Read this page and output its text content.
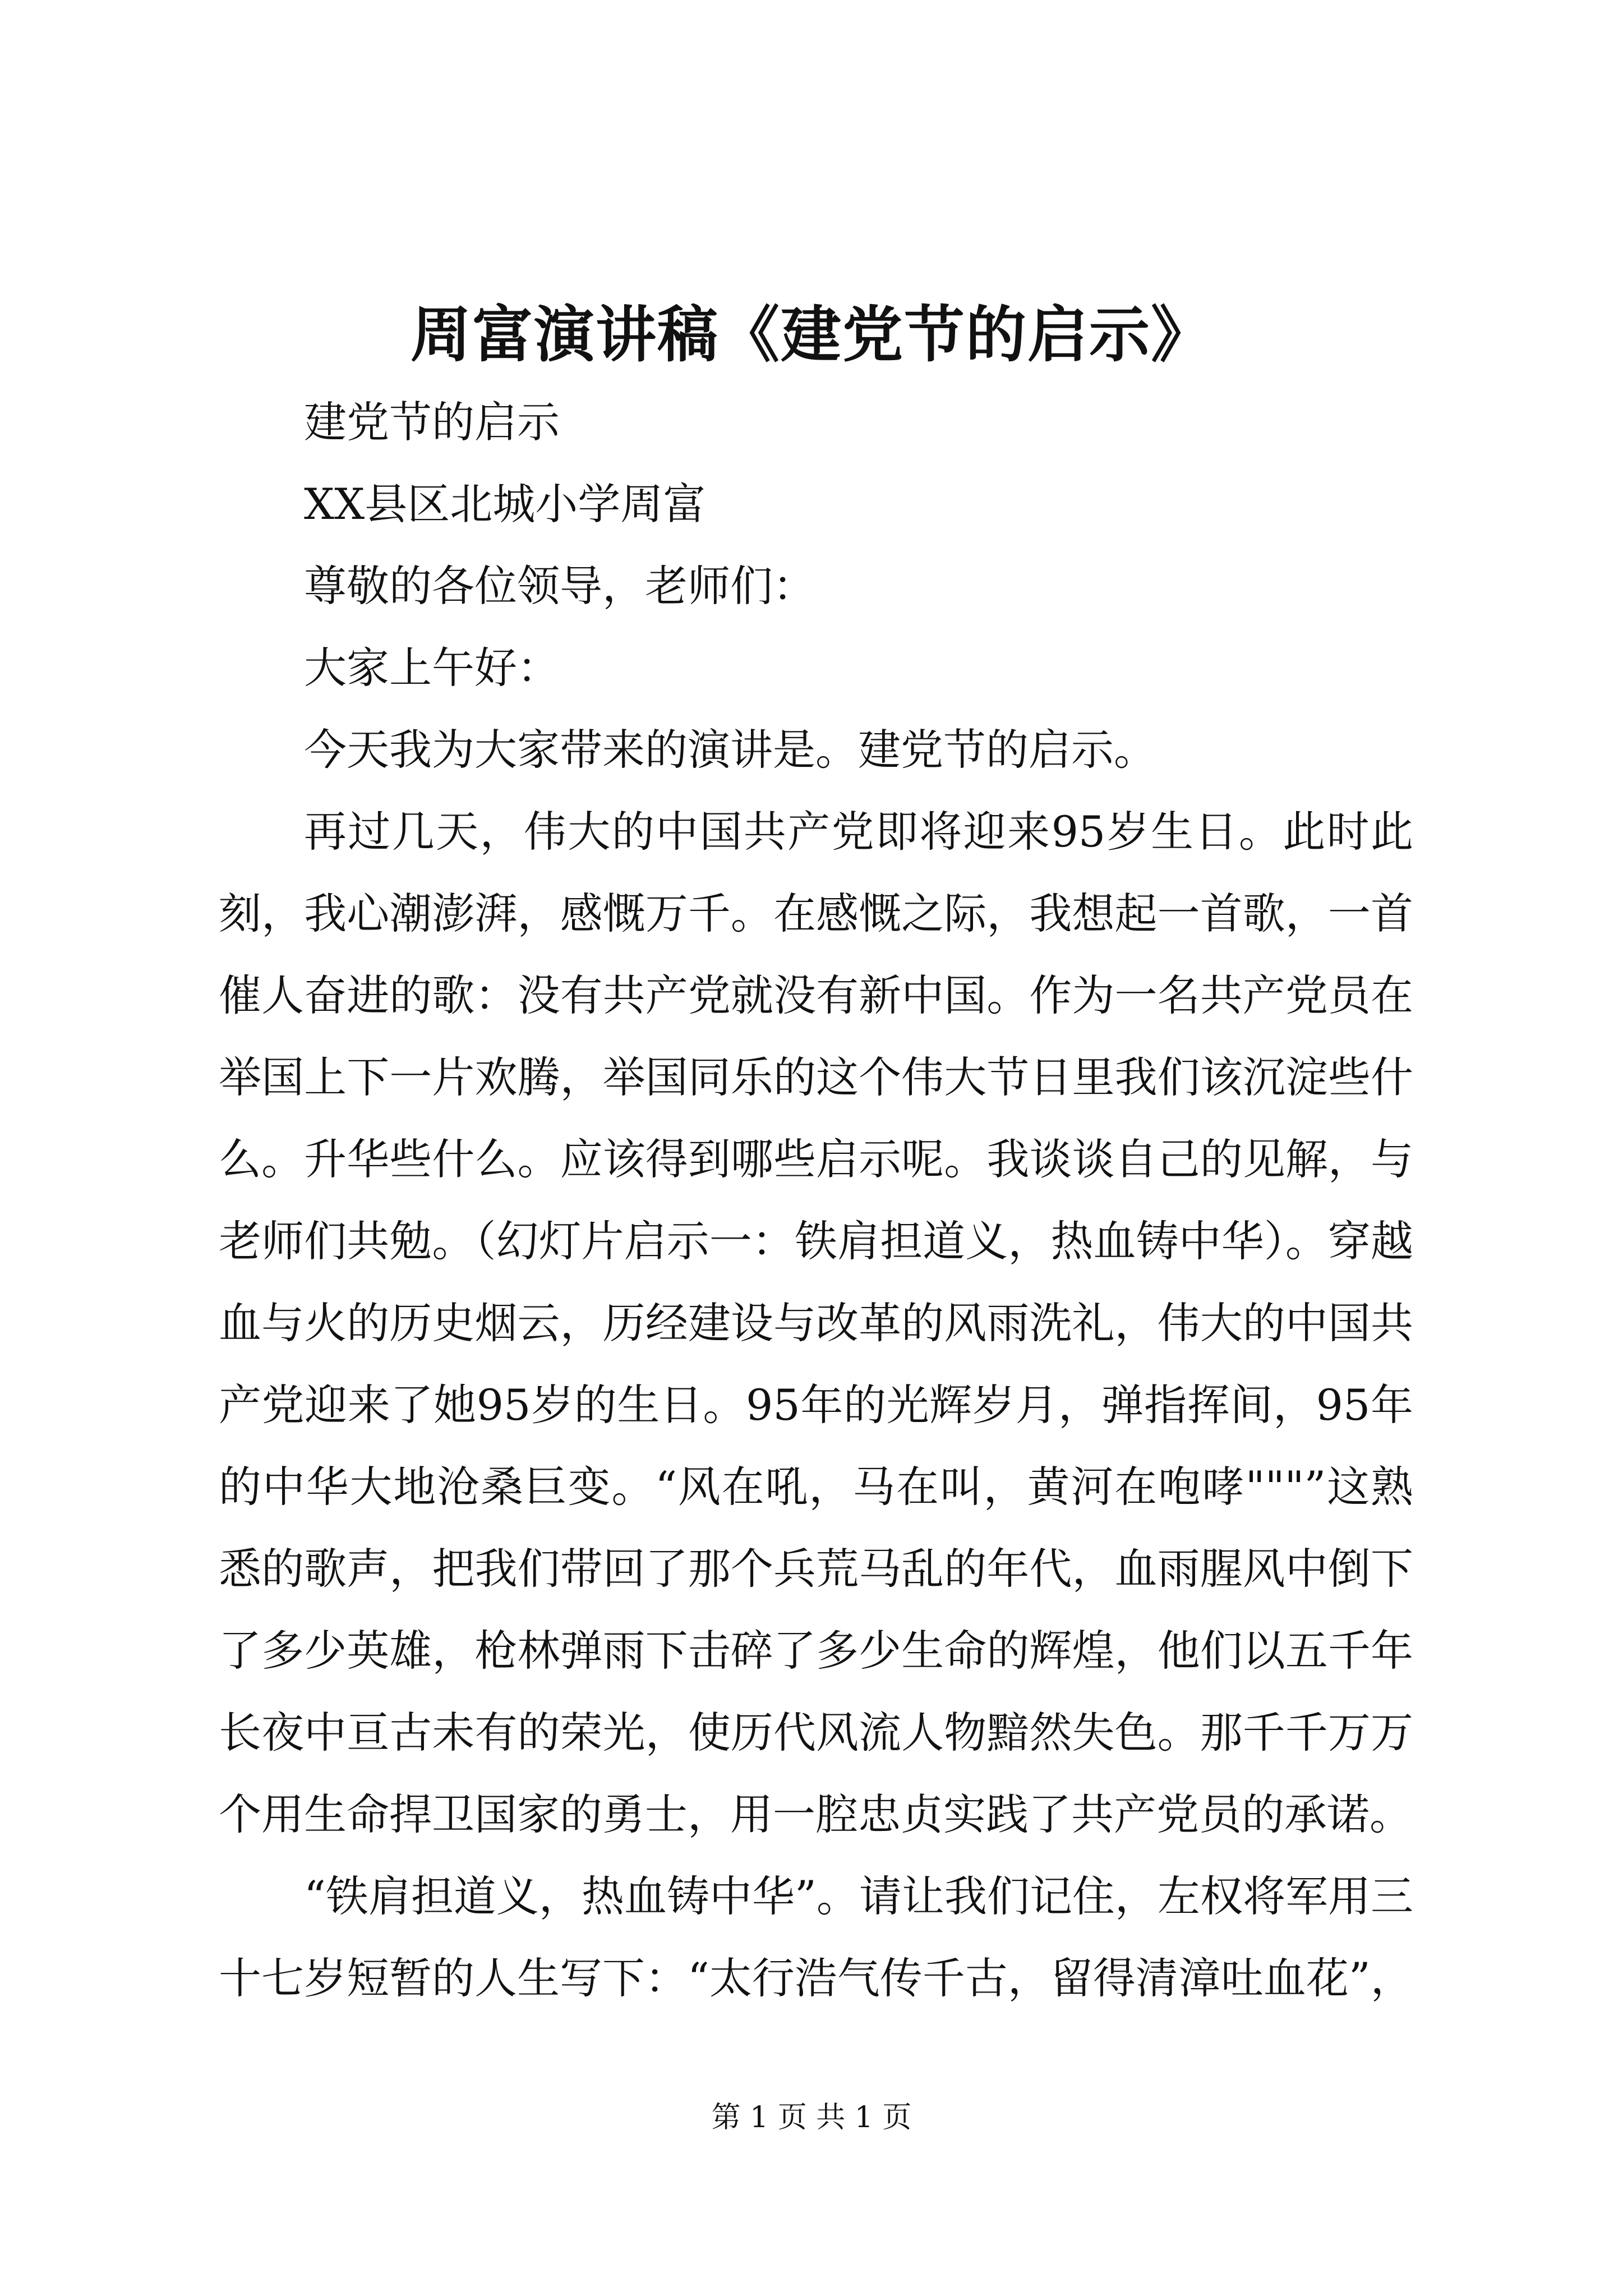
周富演讲稿《建党节的启示》

建党节的启示

XX县区北城小学周富

尊敬的各位领导，老师们：

大家上午好：

今天我为大家带来的演讲是。建党节的启示。

再过几天，伟大的中国共产党即将迎来95岁生日。此时此刻，我心潮澎湃，感慨万千。在感慨之际，我想起一首歌，一首催人奋进的歌：没有共产党就没有新中国。作为一名共产党员在举国上下一片欢腾，举国同乐的这个伟大节日里我们该沉淀些什么。升华些什么。应该得到哪些启示呢。我谈谈自己的见解，与老师们共勉。（幻灯片启示一：铁肩担道义，热血铸中华）。穿越血与火的历史烟云，历经建设与改革的风雨洗礼，伟大的中国共产党迎来了她95岁的生日。95年的光辉岁月，弹指挥间，95年的中华大地沧桑巨变。“风在吼，马在叫，黄河在咆哮"""”这熟悉的歌声，把我们带回了那个兵荒马乱的年代，血雨腥风中倒下了多少英雄，枪林弹雨下击碎了多少生命的辉煌，他们以五千年长夜中亘古未有的荣光，使历代风流人物黯然失色。那千千万万个用生命捍卫国家的勇士，用一腔忠贞实践了共产党员的承诺。

“铁肩担道义，热血铸中华”。请让我们记住，左权将军用三十七岁短暂的人生写下：“太行浩气传千古，留得清漳吐血花”，

第 1 页 共 1 页
